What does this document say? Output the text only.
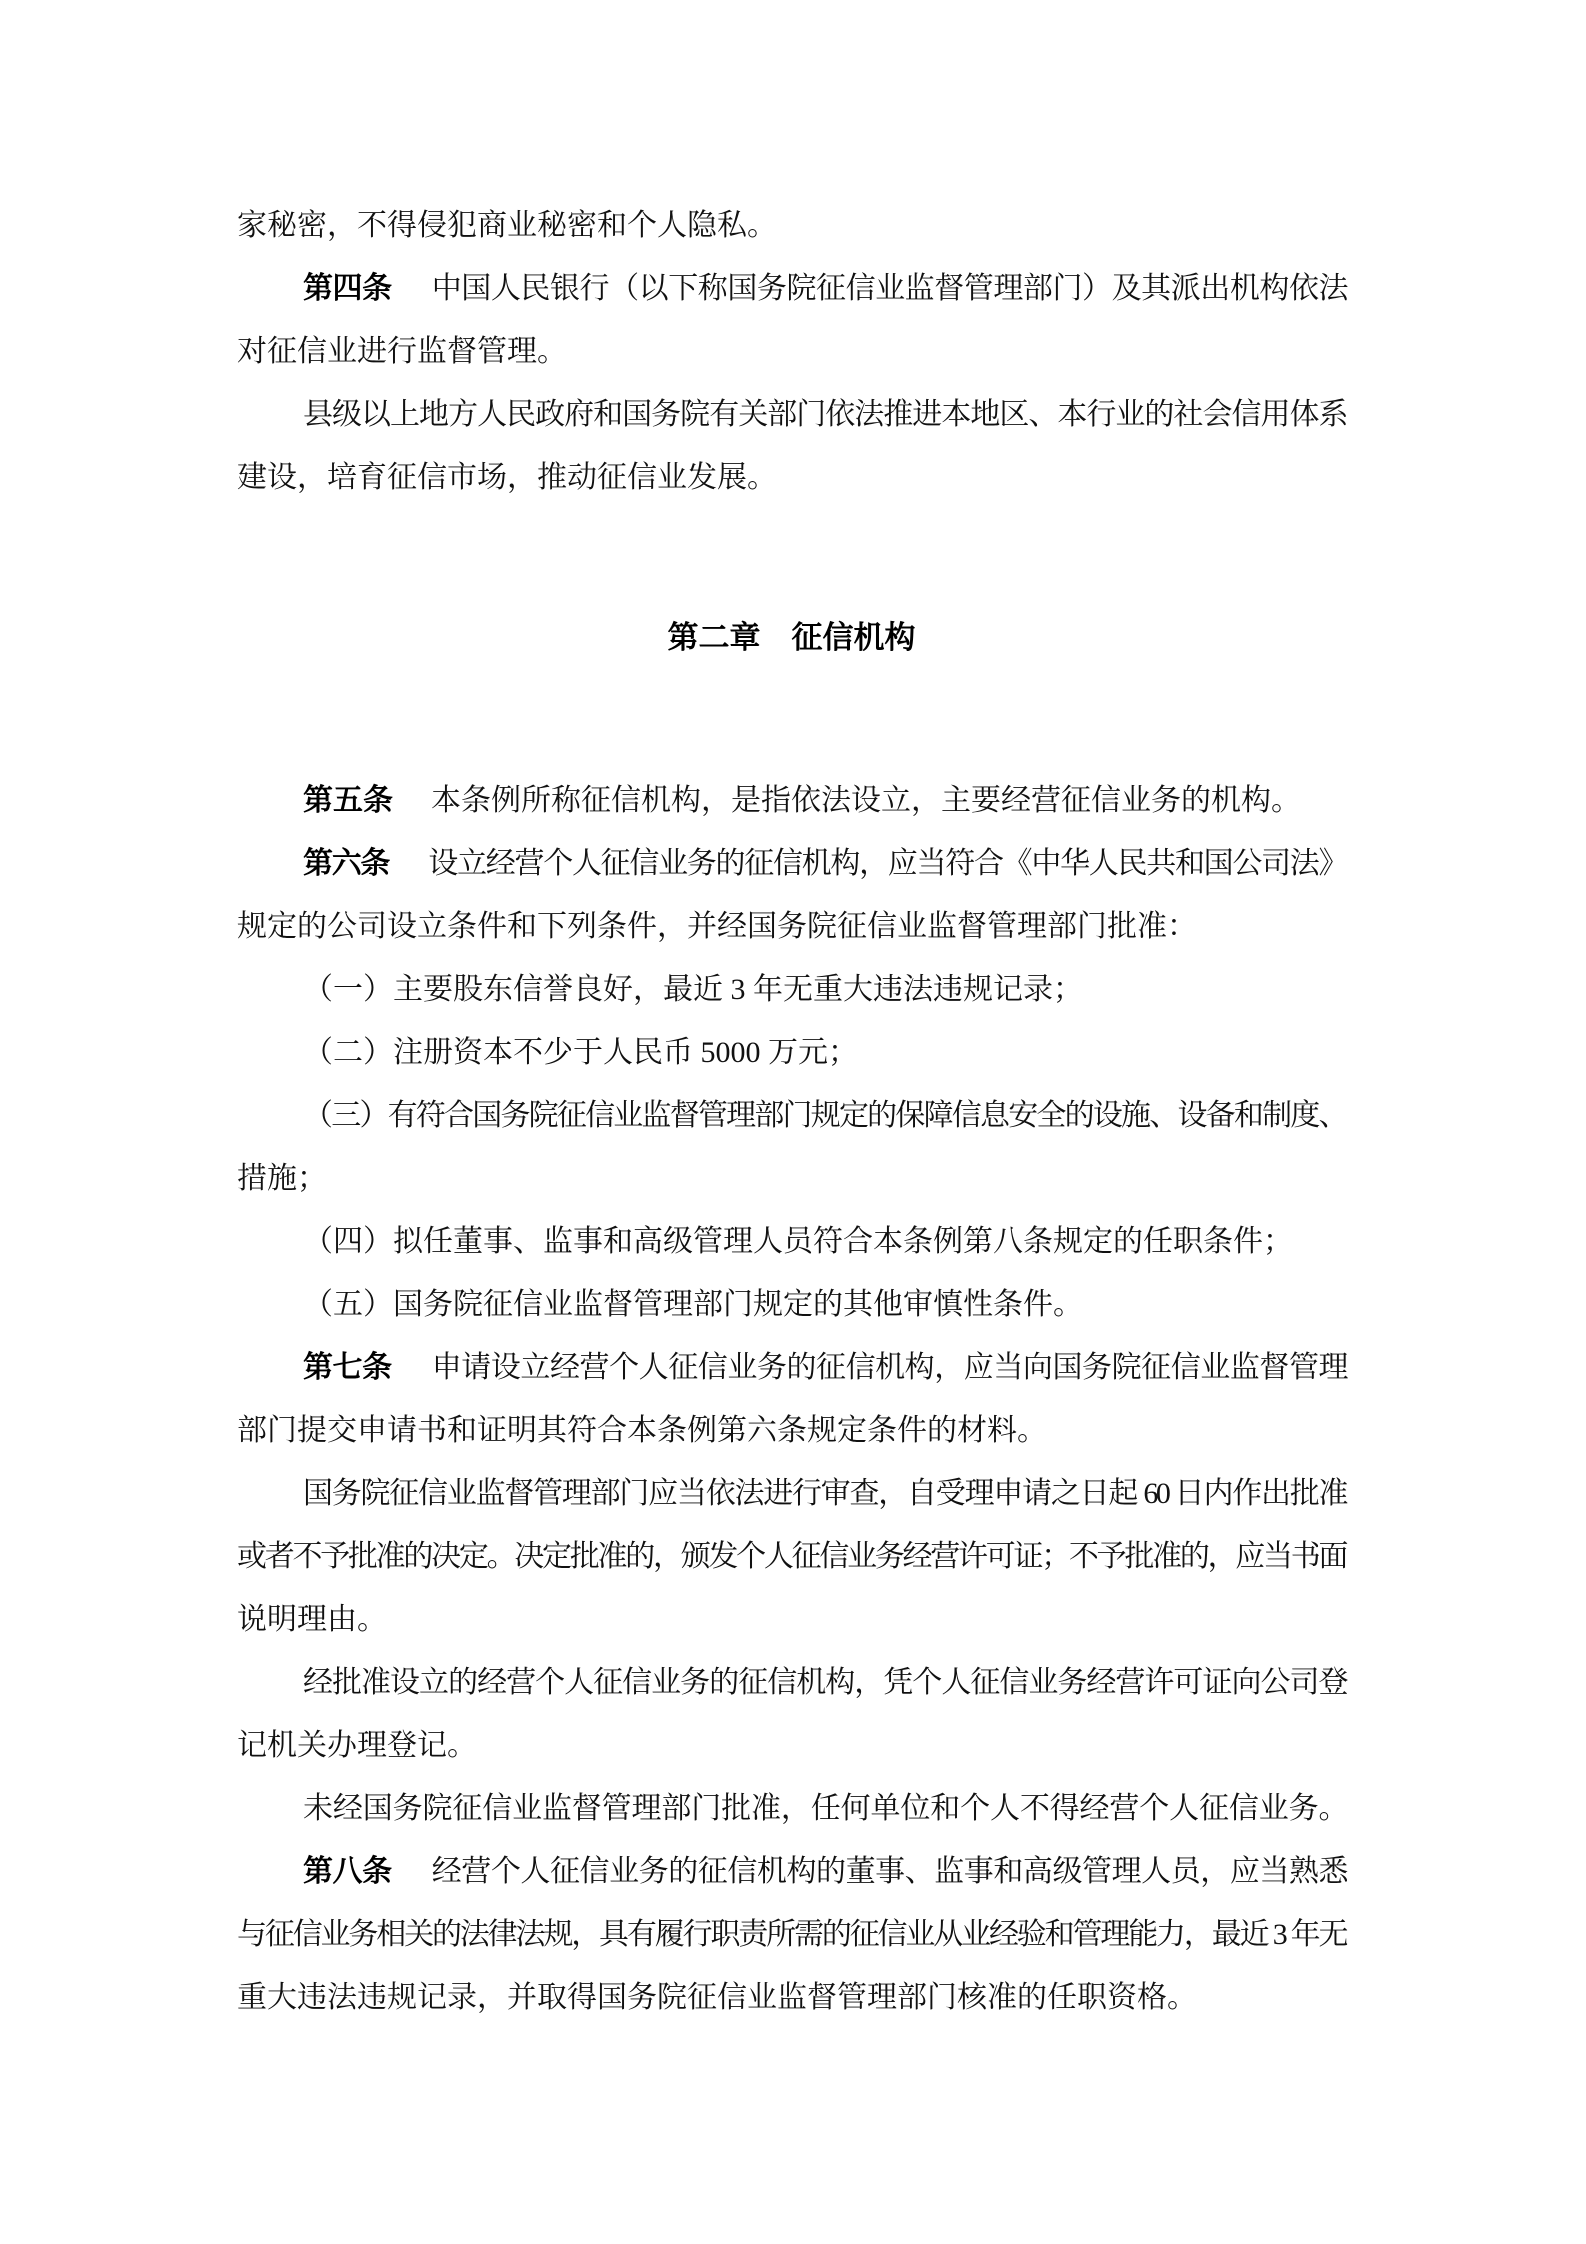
家秘密，不得侵犯商业秘密和个人隐私。
第四条 中国人民银行（以下称国务院征信业监督管理部门）及其派出机构依法
对征信业进行监督管理。
县级以上地方人民政府和国务院有关部门依法推进本地区、本行业的社会信用体系
建设，培育征信市场，推动征信业发展。
第二章 征信机构
第五条 本条例所称征信机构，是指依法设立，主要经营征信业务的机构。
第六条 设立经营个人征信业务的征信机构，应当符合《中华人民共和国公司法》
规定的公司设立条件和下列条件，并经国务院征信业监督管理部门批准：
（一）主要股东信誉良好，最近 3 年无重大违法违规记录；
（二）注册资本不少于人民币 5000 万元；
（三）有符合国务院征信业监督管理部门规定的保障信息安全的设施、设备和制度、
措施；
（四）拟任董事、监事和高级管理人员符合本条例第八条规定的任职条件；
（五）国务院征信业监督管理部门规定的其他审慎性条件。
第七条 申请设立经营个人征信业务的征信机构，应当向国务院征信业监督管理
部门提交申请书和证明其符合本条例第六条规定条件的材料。
国务院征信业监督管理部门应当依法进行审查，自受理申请之日起 60 日内作出批准
或者不予批准的决定。决定批准的，颁发个人征信业务经营许可证；不予批准的，应当书面
说明理由。
经批准设立的经营个人征信业务的征信机构，凭个人征信业务经营许可证向公司登
记机关办理登记。
未经国务院征信业监督管理部门批准，任何单位和个人不得经营个人征信业务。
第八条 经营个人征信业务的征信机构的董事、监事和高级管理人员，应当熟悉
与征信业务相关的法律法规，具有履行职责所需的征信业从业经验和管理能力，最近 3 年无
重大违法违规记录，并取得国务院征信业监督管理部门核准的任职资格。
